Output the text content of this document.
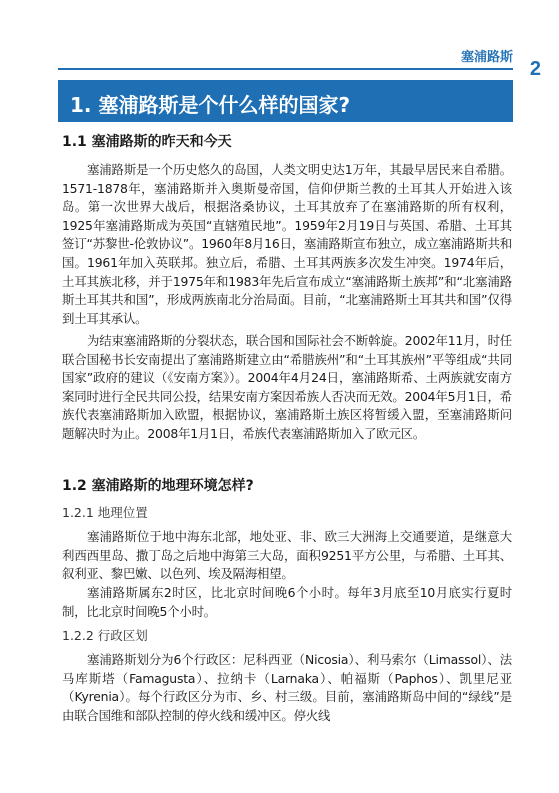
塞浦路斯
2
1. 塞浦路斯是个什么样的国家?
1.1 塞浦路斯的昨天和今天

塞浦路斯是一个历史悠久的岛国，人类文明史达1万年，其最早居民来自希腊。1571-1878年，塞浦路斯并入奥斯曼帝国，信仰伊斯兰教的土耳其人开始进入该岛。第一次世界大战后，根据洛桑协议，土耳其放弃了在塞浦路斯的所有权利，1925年塞浦路斯成为英国“直辖殖民地”。1959年2月19日与英国、希腊、土耳其签订“苏黎世-伦敦协议”。1960年8月16日，塞浦路斯宣布独立，成立塞浦路斯共和国。1961年加入英联邦。独立后，希腊、土耳其两族多次发生冲突。1974年后，土耳其族北移，并于1975年和1983年先后宣布成立“塞浦路斯土族邦”和“北塞浦路斯土耳其共和国”，形成两族南北分治局面。目前，“北塞浦路斯土耳其共和国”仅得到土耳其承认。

为结束塞浦路斯的分裂状态，联合国和国际社会不断斡旋。2002年11月，时任联合国秘书长安南提出了塞浦路斯建立由“希腊族州”和“土耳其族州”平等组成“共同国家”政府的建议（《安南方案》）。2004年4月24日，塞浦路斯希、土两族就安南方案同时进行全民共同公投，结果安南方案因希族人否决而无效。2004年5月1日，希族代表塞浦路斯加入欧盟，根据协议，塞浦路斯土族区将暂缓入盟，至塞浦路斯问题解决时为止。2008年1月1日，希族代表塞浦路斯加入了欧元区。

1.2 塞浦路斯的地理环境怎样?
1.2.1 地理位置

塞浦路斯位于地中海东北部，地处亚、非、欧三大洲海上交通要道，是继意大利西西里岛、撒丁岛之后地中海第三大岛，面积9251平方公里，与希腊、土耳其、叙利亚、黎巴嫩、以色列、埃及隔海相望。

塞浦路斯属东2时区，比北京时间晚6个小时。每年3月底至10月底实行夏时制，比北京时间晚5个小时。

1.2.2 行政区划

塞浦路斯划分为6个行政区：尼科西亚（Nicosia）、利马索尔（Limassol）、法马库斯塔（Famagusta）、拉纳卡（Larnaka）、帕福斯（Paphos）、凯里尼亚（Kyrenia）。每个行政区分为市、乡、村三级。目前，塞浦路斯岛中间的“绿线”是由联合国维和部队控制的停火线和缓冲区。停火线
